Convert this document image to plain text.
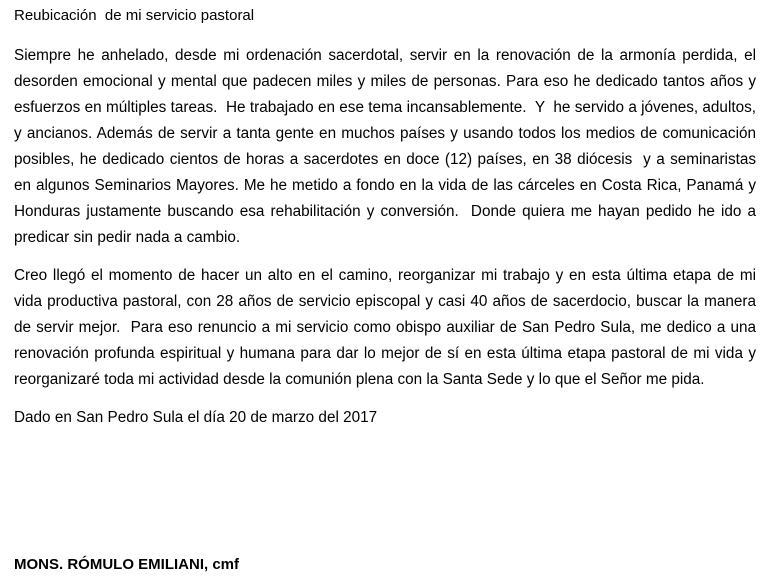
Reubicación  de mi servicio pastoral

Siempre he anhelado, desde mi ordenación sacerdotal, servir en la renovación de la armonía perdida, el desorden emocional y mental que padecen miles y miles de personas. Para eso he dedicado tantos años y esfuerzos en múltiples tareas.  He trabajado en ese tema incansablemente.  Y  he servido a jóvenes, adultos, y ancianos. Además de servir a tanta gente en muchos países y usando todos los medios de comunicación posibles, he dedicado cientos de horas a sacerdotes en doce (12) países, en 38 diócesis  y a seminaristas en algunos Seminarios Mayores. Me he metido a fondo en la vida de las cárceles en Costa Rica, Panamá y Honduras justamente buscando esa rehabilitación y conversión.  Donde quiera me hayan pedido he ido a predicar sin pedir nada a cambio.

Creo llegó el momento de hacer un alto en el camino, reorganizar mi trabajo y en esta última etapa de mi vida productiva pastoral, con 28 años de servicio episcopal y casi 40 años de sacerdocio, buscar la manera de servir mejor.  Para eso renuncio a mi servicio como obispo auxiliar de San Pedro Sula, me dedico a una renovación profunda espiritual y humana para dar lo mejor de sí en esta última etapa pastoral de mi vida y reorganizaré toda mi actividad desde la comunión plena con la Santa Sede y lo que el Señor me pida.

Dado en San Pedro Sula el día 20 de marzo del 2017

MONS. RÓMULO EMILIANI, cmf
